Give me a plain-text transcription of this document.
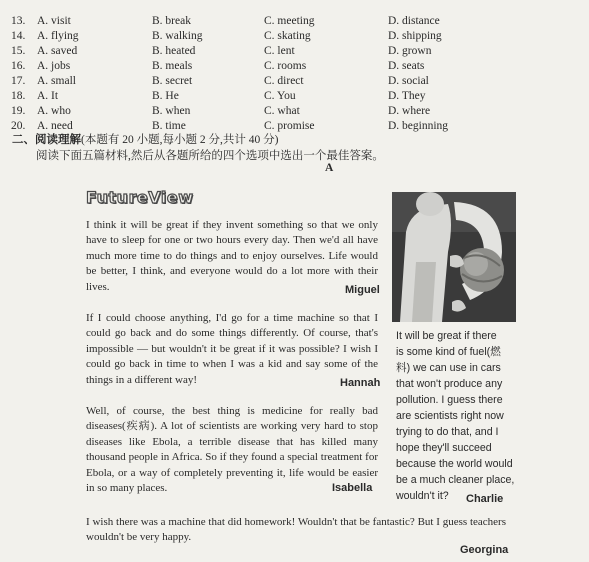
13.	A. visit	B. break	C. meeting	D. distance
14.	A. flying	B. walking	C. skating	D. shipping
15.	A. saved	B. heated	C. lent	D. grown
16.	A. jobs	B. meals	C. rooms	D. seats
17.	A. small	B. secret	C. direct	D. social
18.	A. It	B. He	C. You	D. They
19.	A. who	B. when	C. what	D. where
20.	A. need	B. time	C. promise	D. beginning
二、阅读理解(本题有 20 小题,每小题 2 分,共计 40 分)
阅读下面五篇材料,然后从各题所给的四个选项中选出一个最佳答案。
A
FutureView
I think it will be great if they invent something so that we only have to sleep for one or two hours every day. Then we'd all have much more time to do things and to enjoy ourselves. Life would be better, I think, and everyone would do a lot more with their lives.	Miguel
If I could choose anything, I'd go for a time machine so that I could go back and do some things differently. Of course, that's impossible — but wouldn't it be great if it was possible? I wish I could go back in time to when I was a kid and say some of the things in a different way!	Hannah
Well, of course, the best thing is medicine for really bad diseases(疾病). A lot of scientists are working very hard to stop diseases like Ebola, a terrible disease that has killed many thousand people in Africa. So if they found a special treatment for Ebola, or a way of completely preventing it, life would be easier in so many places.	Isabella
It will be great if there
is some kind of fuel(燃
料) we can use in cars
that won't produce any
pollution. I guess there
are scientists right now
trying to do that, and I
hope they'll succeed
because the world would
be a much cleaner place,
wouldn't it?	Charlie
I wish there was a machine that did homework! Wouldn't that be fantastic? But I guess teachers wouldn't be very happy.
Georgina
